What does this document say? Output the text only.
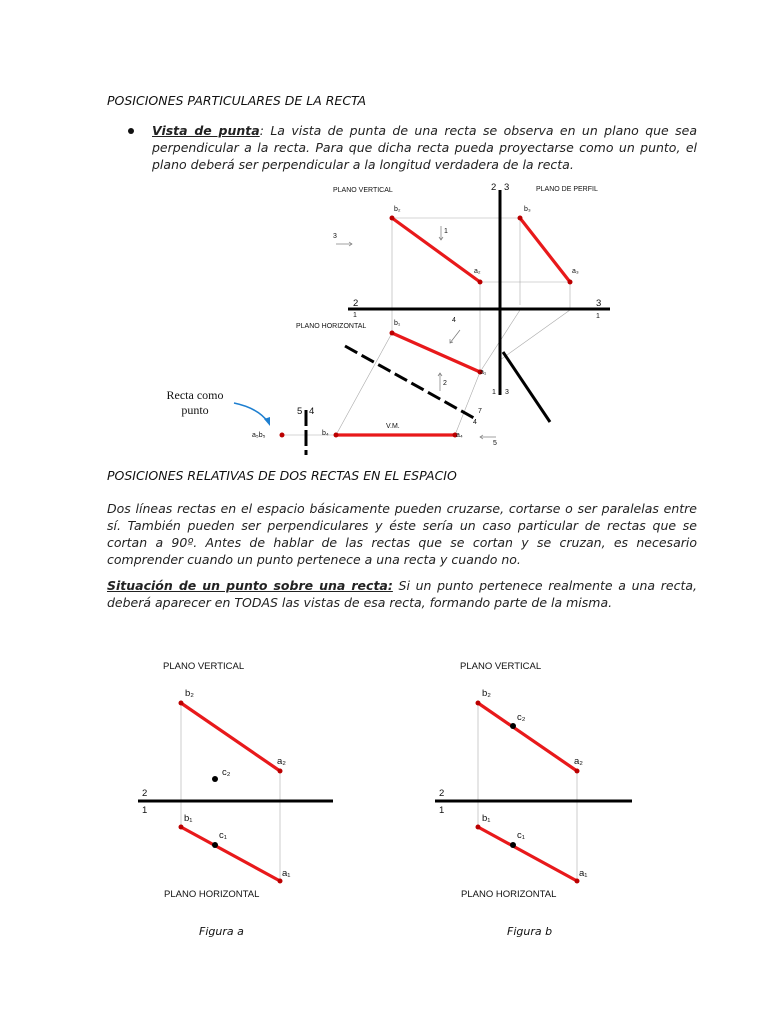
POSICIONES PARTICULARES DE LA RECTA
Vista de punta: La vista de punta de una recta se observa en un plano que sea perpendicular a la recta. Para que dicha recta pueda proyectarse como un punto, el plano deberá ser perpendicular a la longitud verdadera de la recta.
PLANO VERTICAL	PLANO DE PERFIL
PLANO HORIZONTAL
2 3
2
1
3
1
1 3
b₂
a₂
b₃
a₃
b₁
a₁
b₄	a₄
a₅b₅
V.M.
3
1
4
2
5 4	7
4
5
Recta como punto
POSICIONES RELATIVAS DE DOS RECTAS EN EL ESPACIO
Dos líneas rectas en el espacio básicamente pueden cruzarse, cortarse o ser paralelas entre sí. También pueden ser perpendiculares y éste sería un caso particular de rectas que se cortan a 90º. Antes de hablar de las rectas que se cortan y se cruzan, es necesario comprender cuando un punto pertenece a una recta y cuando no.
Situación de un punto sobre una recta: Si un punto pertenece realmente a una recta, deberá aparecer en TODAS las vistas de esa recta, formando parte de la misma.
PLANO VERTICAL
b₂
a₂
c₂
2
1
b₁
c₁
a₁
PLANO HORIZONTAL
Figura a
PLANO VERTICAL
b₂
a₂
c₂
2
1
b₁
c₁
a₁
PLANO HORIZONTAL
Figura b
